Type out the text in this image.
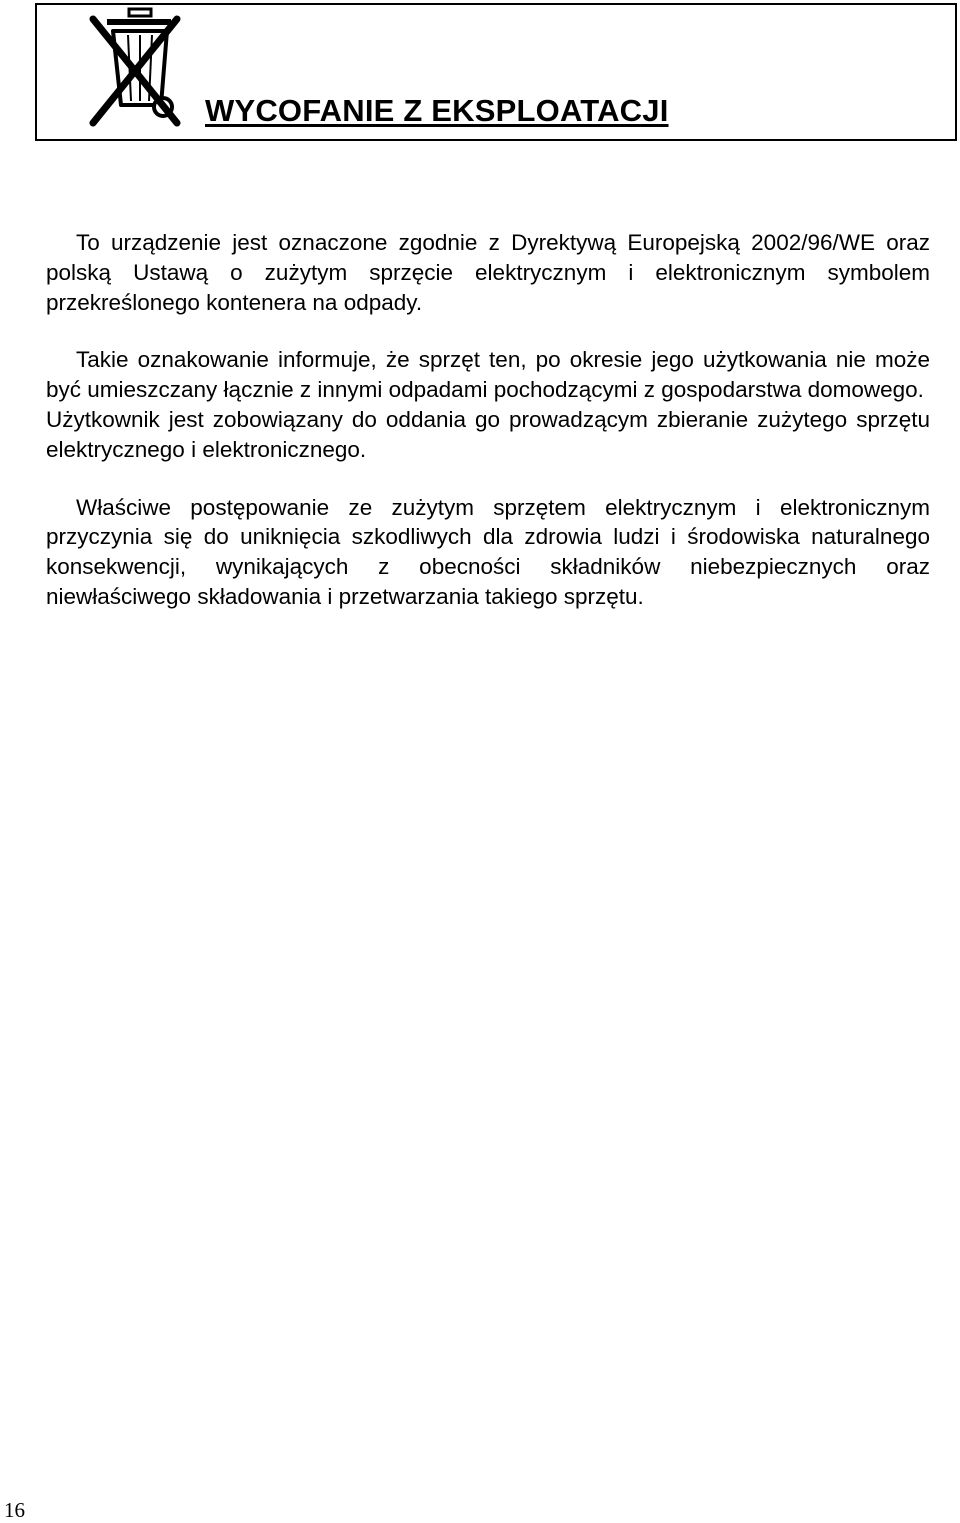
WYCOFANIE Z EKSPLOATACJI

To urządzenie jest oznaczone zgodnie z Dyrektywą Europejską 2002/96/WE oraz polską Ustawą o zużytym sprzęcie elektrycznym i elektronicznym symbolem przekreślonego kontenera na odpady.

Takie oznakowanie informuje, że sprzęt ten, po okresie jego użytkowania nie może być umieszczany łącznie z innymi odpadami pochodzącymi z gospodarstwa domowego.

Użytkownik jest zobowiązany do oddania go prowadzącym zbieranie zużytego sprzętu elektrycznego i elektronicznego.

Właściwe postępowanie ze zużytym sprzętem elektrycznym i elektronicznym przyczynia się do uniknięcia szkodliwych dla zdrowia ludzi i środowiska naturalnego konsekwencji, wynikających z obecności składników niebezpiecznych oraz niewłaściwego składowania i przetwarzania takiego sprzętu.

16
